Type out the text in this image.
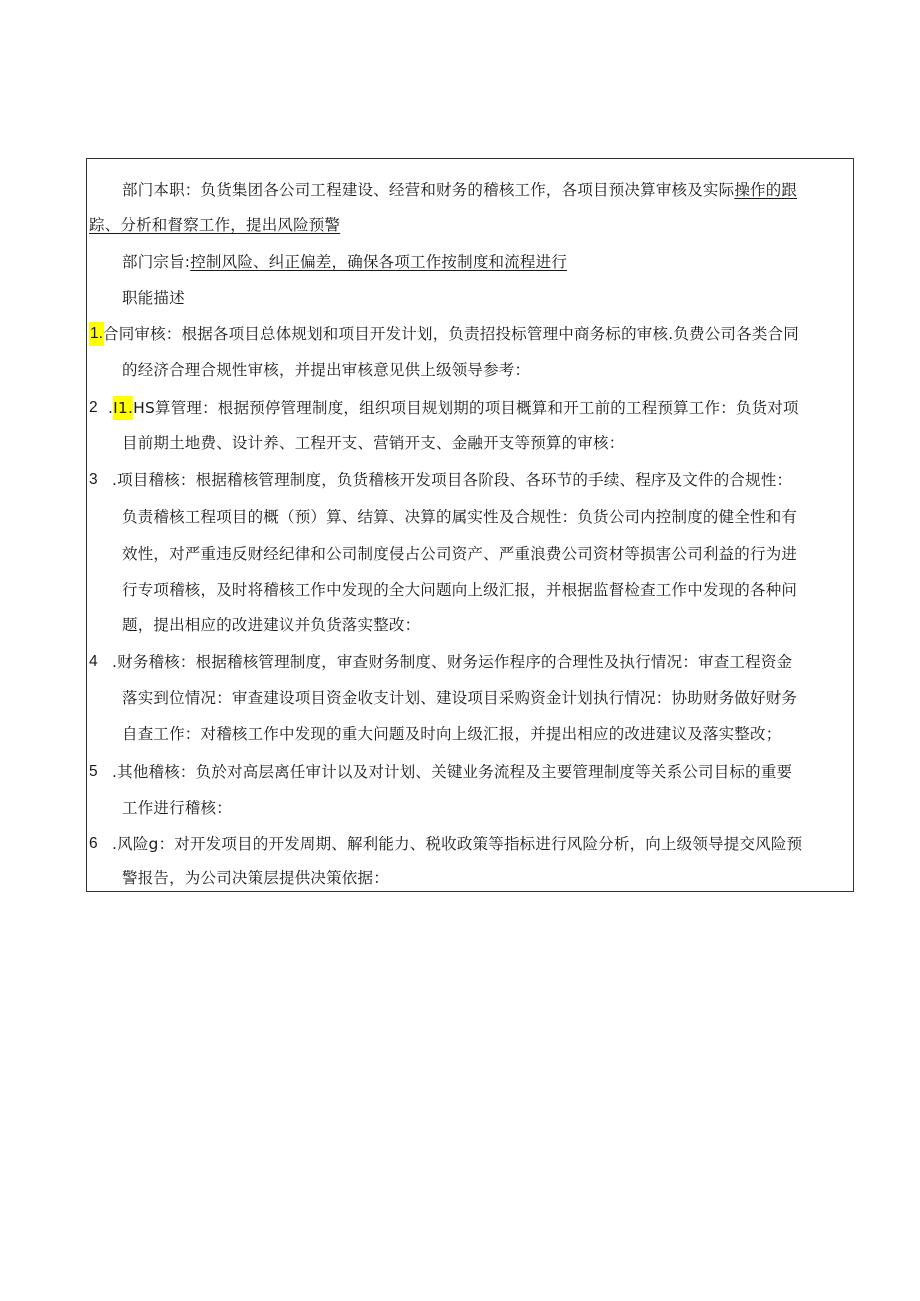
部门本职：负货集团各公司工程建设、经营和财务的稽核工作，各项目预决算审核及实际操作的跟
踪、分析和督察工作，提出风险预警
部门宗旨:控制风险、纠正偏差，确保各项工作按制度和流程进行
职能描述
1. 合同审核：根据各项目总体规划和项目开发计划，负责招投标管理中商务标的审核.负费公司各类合同
的经济合理合规性审核，并提出审核意见供上级领导参考：
2 .I1.HS算管理：根据预停管理制度，组织项目规划期的项目概算和开工前的工程预算工作：负货对项
目前期土地费、设计养、工程开支、营销开支、金融开支等预算的审核：
3 .项目稽核：根据稽核管理制度，负货稽核开发项目各阶段、各环节的手续、程序及文件的合规性：
负责稽核工程项目的概（预）算、结算、决算的属实性及合规性：负货公司内控制度的健全性和有
效性，对严重违反财经纪律和公司制度侵占公司资产、严重浪费公司资材等损害公司利益的行为进
行专项稽核，及时将稽核工作中发现的全大问题向上级汇报，并根据监督检查工作中发现的各种问
题，提出相应的改进建议并负货落实整改：
4 .财务稽核：根据稽核管理制度，审查财务制度、财务运作程序的合理性及执行情况：审查工程资金
落实到位情况：审查建设项目资金收支计划、建设项目采购资金计划执行情况：协助财务做好财务
自查工作：对稽核工作中发现的重大问题及时向上级汇报，并提出相应的改进建议及落实整改；
5 .其他稽核：负於对高层离任审计以及对计划、关键业务流程及主要管理制度等关系公司目标的重要
工作进行稽核：
6 .风险g：对开发项目的开发周期、解利能力、税收政策等指标进行风险分析，向上级领导提交风险预
警报告，为公司决策层提供决策依据：
